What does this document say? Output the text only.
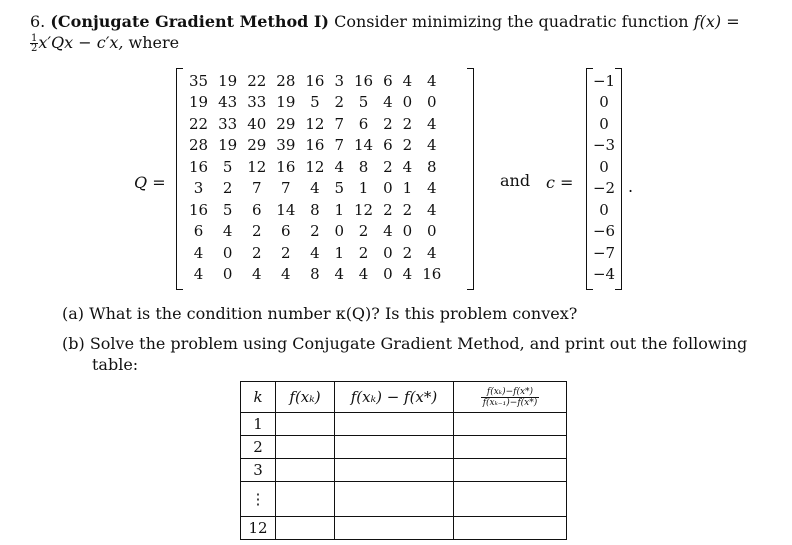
6. (Conjugate Gradient Method I) Consider minimizing the quadratic function f(x) =
$\frac{1}{2} x'Qx - c'x$, where
Q =
35	19	22	28	16	3	16	6	4	4
19	43	33	19	5	2	5	4	0	0
22	33	40	29	12	7	6	2	2	4
28	19	29	39	16	7	14	6	2	4
16	5	12	16	12	4	8	2	4	8
3	2	7	7	4	5	1	0	1	4
16	5	6	14	8	1	12	2	2	4
6	4	2	6	2	0	2	4	0	0
4	0	2	2	4	1	2	0	2	4
4	0	4	4	8	4	4	0	4	16
and c =
−1
0
0
−3
0
−2
0
−6
−7
−4
.
(a) What is the condition number κ(Q)? Is this problem convex?
(b) Solve the problem using Conjugate Gradient Method, and print out the following
table:
k	f(xₖ)	f(xₖ) − f(x*)	$\frac{\text{f(xₖ)−f(x*)}}{\text{f(xₖ₋₁)−f(x*)}}$

1			
2			
3			
⋮			
12			
